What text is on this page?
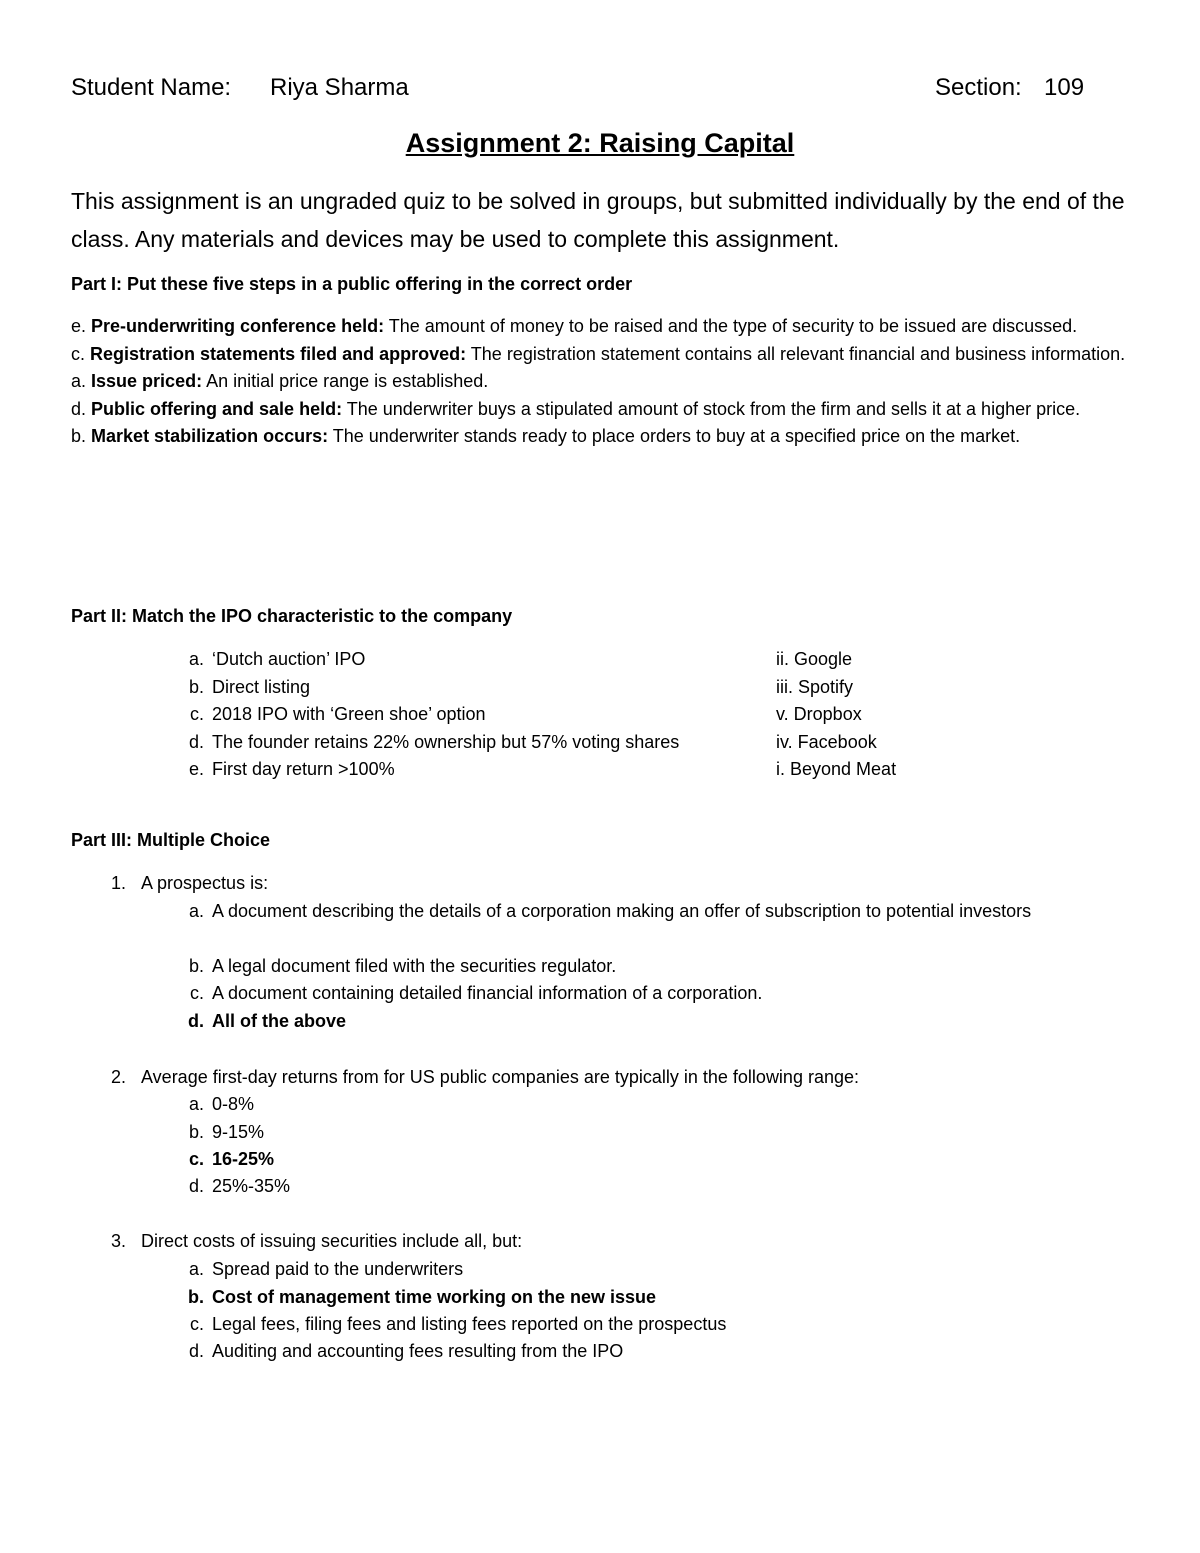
Student Name: Riya Sharma	Section: 109
Assignment 2: Raising Capital
This assignment is an ungraded quiz to be solved in groups, but submitted individually by the end of the class. Any materials and devices may be used to complete this assignment.
Part I: Put these five steps in a public offering in the correct order

e. Pre-underwriting conference held: The amount of money to be raised and the type of security to be issued are discussed.

c. Registration statements filed and approved: The registration statement contains all relevant financial and business information.

a. Issue priced: An initial price range is established.

d. Public offering and sale held: The underwriter buys a stipulated amount of stock from the firm and sells it at a higher price.

b. Market stabilization occurs: The underwriter stands ready to place orders to buy at a specified price on the market.

Part II: Match the IPO characteristic to the company
a. ‘Dutch auction’ IPO	ii. Google
b. Direct listing	iii. Spotify
c. 2018 IPO with ‘Green shoe’ option	v. Dropbox
d. The founder retains 22% ownership but 57% voting shares	iv. Facebook
e. First day return >100%	i. Beyond Meat
Part III: Multiple Choice
1. A prospectus is:
a. A document describing the details of a corporation making an offer of subscription to potential investors
b. A legal document filed with the securities regulator.
c. A document containing detailed financial information of a corporation.
d. All of the above
2. Average first-day returns from for US public companies are typically in the following range:
a. 0-8%
b. 9-15%
c. 16-25%
d. 25%-35%
3. Direct costs of issuing securities include all, but:
a. Spread paid to the underwriters
b. Cost of management time working on the new issue
c. Legal fees, filing fees and listing fees reported on the prospectus
d. Auditing and accounting fees resulting from the IPO
